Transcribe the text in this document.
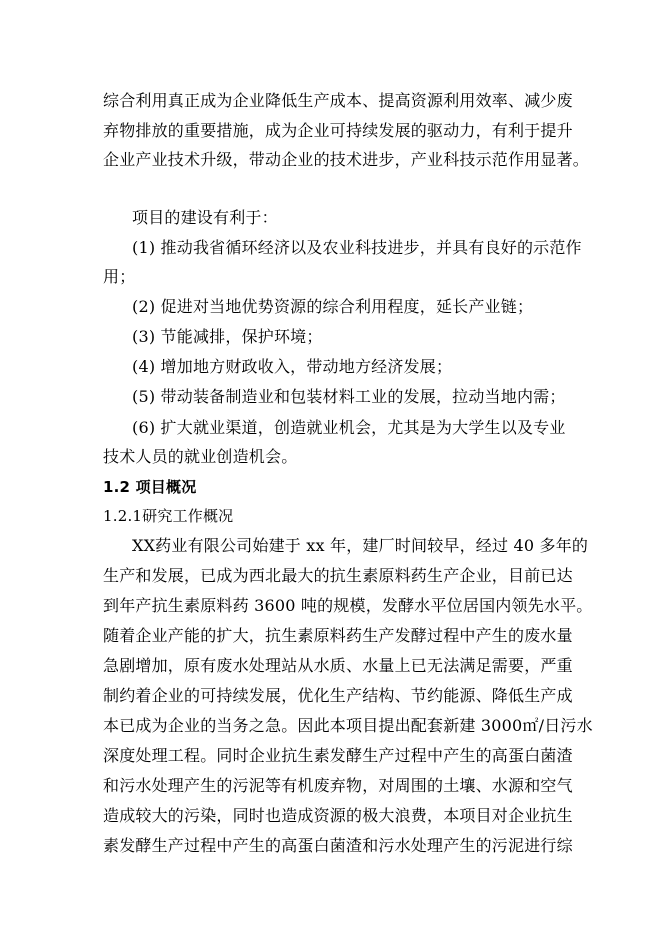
综合利用真正成为企业降低生产成本、提高资源利用效率、减少废
弃物排放的重要措施，成为企业可持续发展的驱动力，有利于提升
企业产业技术升级，带动企业的技术进步，产业科技示范作用显著。
项目的建设有利于：
(1) 推动我省循环经济以及农业科技进步，并具有良好的示范作
用；
(2) 促进对当地优势资源的综合利用程度，延长产业链；
(3) 节能减排，保护环境；
(4) 增加地方财政收入，带动地方经济发展；
(5) 带动装备制造业和包装材料工业的发展，拉动当地内需；
(6) 扩大就业渠道，创造就业机会，尤其是为大学生以及专业
技术人员的就业创造机会。
1.2 项目概况
1.2.1研究工作概况
XX药业有限公司始建于 xx 年，建厂时间较早，经过 40 多年的
生产和发展，已成为西北最大的抗生素原料药生产企业，目前已达
到年产抗生素原料药 3600 吨的规模，发酵水平位居国内领先水平。
随着企业产能的扩大，抗生素原料药生产发酵过程中产生的废水量
急剧增加，原有废水处理站从水质、水量上已无法满足需要，严重
制约着企业的可持续发展，优化生产结构、节约能源、降低生产成
本已成为企业的当务之急。因此本项目提出配套新建 3000㎡/日污水
深度处理工程。同时企业抗生素发酵生产过程中产生的高蛋白菌渣
和污水处理产生的污泥等有机废弃物，对周围的土壤、水源和空气
造成较大的污染，同时也造成资源的极大浪费，本项目对企业抗生
素发酵生产过程中产生的高蛋白菌渣和污水处理产生的污泥进行综
